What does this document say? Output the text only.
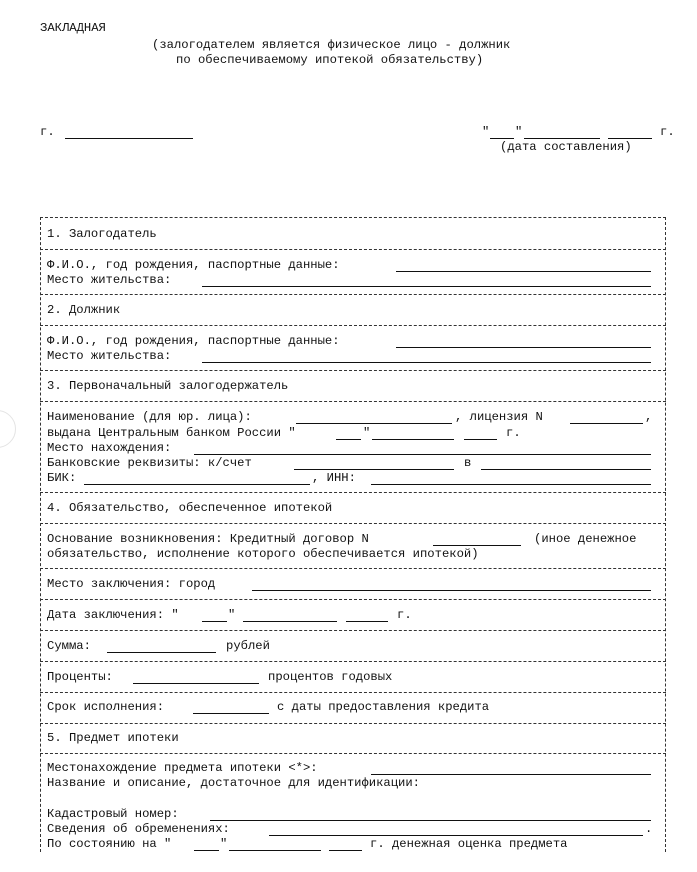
ЗАКЛАДНАЯ
(залогодателем является физическое лицо - должник
по обеспечиваемому ипотекой обязательству)
г.	" "	г.
(дата составления)
1. Залогодатель
Ф.И.О., год рождения, паспортные данные:
Место жительства:
2. Должник
Ф.И.О., год рождения, паспортные данные:
Место жительства:
3. Первоначальный залогодержатель
Наименование (для юр. лица):	, лицензия N	,
выдана Центральным банком России "	"	г.
Место нахождения:
Банковские реквизиты: к/счет	в
БИК:	, ИНН:
4. Обязательство, обеспеченное ипотекой
Основание возникновения: Кредитный договор N	(иное денежное
обязательство, исполнение которого обеспечивается ипотекой)
Место заключения: город
Дата заключения: "	"	г.
Сумма:	рублей
Проценты:	процентов годовых
Срок исполнения:	с даты предоставления кредита
5. Предмет ипотеки
Местонахождение предмета ипотеки <*>:
Название и описание, достаточное для идентификации:
Кадастровый номер:
Сведения об обременениях:	.
По состоянию на "	"	г. денежная оценка предмета
